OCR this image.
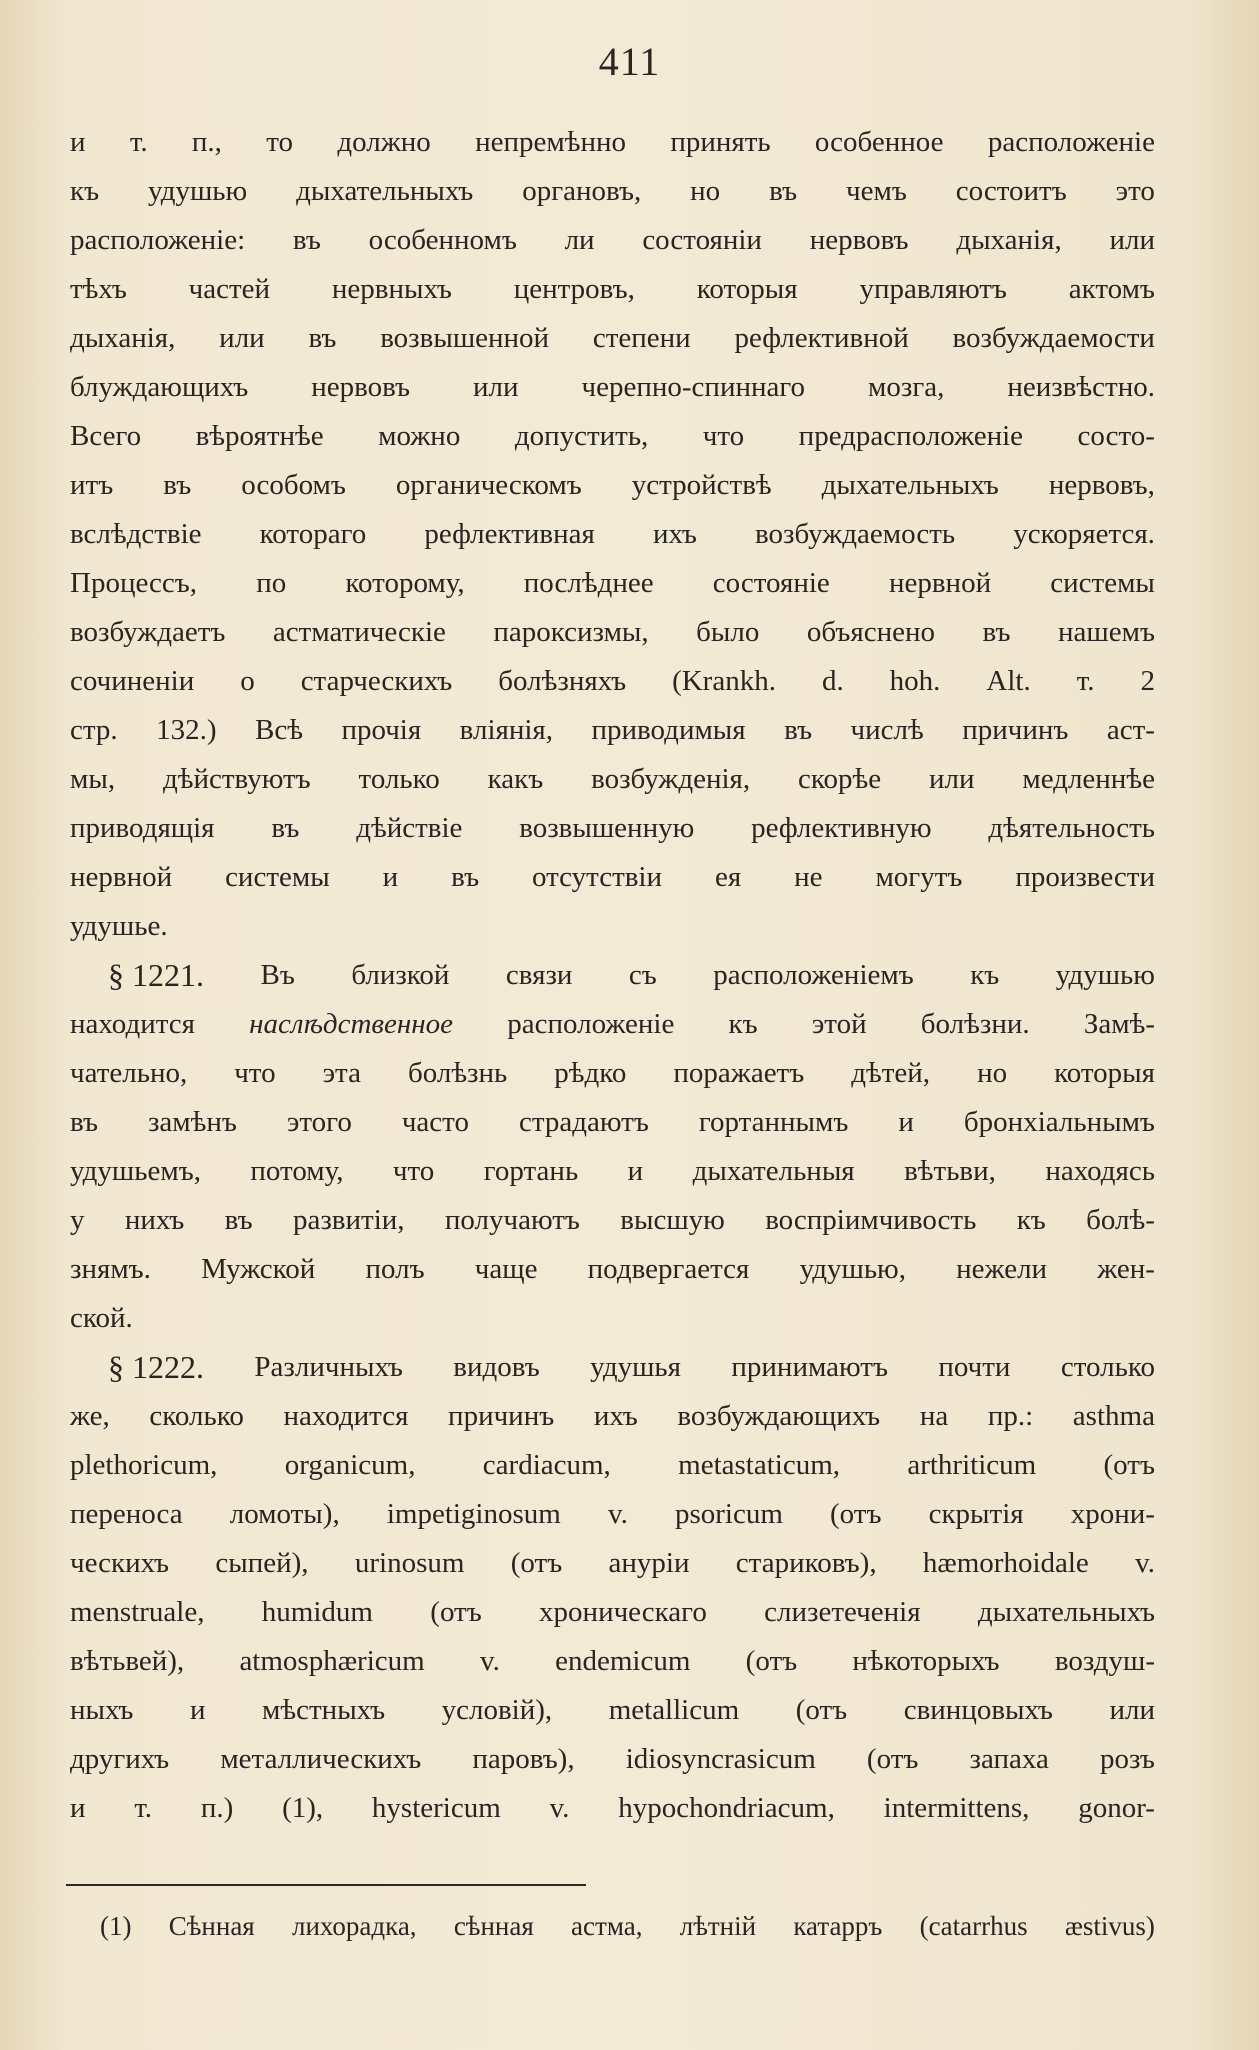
411
и т. п., то должно непремѣнно принять особенное расположеніе
къ удушью дыхательныхъ органовъ, но въ чемъ состоитъ это
расположеніе: въ особенномъ ли состояніи нервовъ дыханія, или
тѣхъ частей нервныхъ центровъ, которыя управляютъ актомъ
дыханія, или въ возвышенной степени рефлективной возбуждаемости
блуждающихъ нервовъ или черепно-спиннаго мозга, неизвѣстно.
Всего вѣроятнѣе можно допустить, что предрасположеніе состо-
итъ въ особомъ органическомъ устройствѣ дыхательныхъ нервовъ,
вслѣдствіе котораго рефлективная ихъ возбуждаемость ускоряется.
Процессъ, по которому, послѣднее состояніе нервной системы
возбуждаетъ астматическіе пароксизмы, было объяснено въ нашемъ
сочиненіи о старческихъ болѣзняхъ (Krankh. d. hoh. Alt. т. 2
стр. 132.) Всѣ прочія вліянія, приводимыя въ числѣ причинъ аст-
мы, дѣйствуютъ только какъ возбужденія, скорѣе или медленнѣе
приводящія въ дѣйствіе возвышенную рефлективную дѣятельность
нервной системы и въ отсутствіи ея не могутъ произвести
удушье.
§ 1221. Въ близкой связи съ расположеніемъ къ удушью
находится наслѣдственное расположеніе къ этой болѣзни. Замѣ-
чательно, что эта болѣзнь рѣдко поражаетъ дѣтей, но которыя
въ замѣнъ этого часто страдаютъ гортаннымъ и бронхіальнымъ
удушьемъ, потому, что гортань и дыхательныя вѣтьви, находясь
у нихъ въ развитіи, получаютъ высшую воспріимчивость къ болѣ-
знямъ. Мужской полъ чаще подвергается удушью, нежели жен-
ской.
§ 1222. Различныхъ видовъ удушья принимаютъ почти столько
же, сколько находится причинъ ихъ возбуждающихъ на пр.: asthma
plethoricum, organicum, cardiacum, metastaticum, arthriticum (отъ
переноса ломоты), impetiginosum v. psoricum (отъ скрытія хрони-
ческихъ сыпей), urinosum (отъ анурiи стариковъ), hæmorhoidale v.
menstruale, humidum (отъ хроническаго слизетеченія дыхательныхъ
вѣтьвей), atmosphæricum v. endemicum (отъ нѣкоторыхъ воздуш-
ныхъ и мѣстныхъ условій), metallicum (отъ свинцовыхъ или
другихъ металлическихъ паровъ), idiosyncrasicum (отъ запаха розъ
и т. п.) (1), hystericum v. hypochondriacum, intermittens, gonor-
(1) Сѣнная лихорадка, сѣнная астма, лѣтній катарръ (catarrhus æstivus)
